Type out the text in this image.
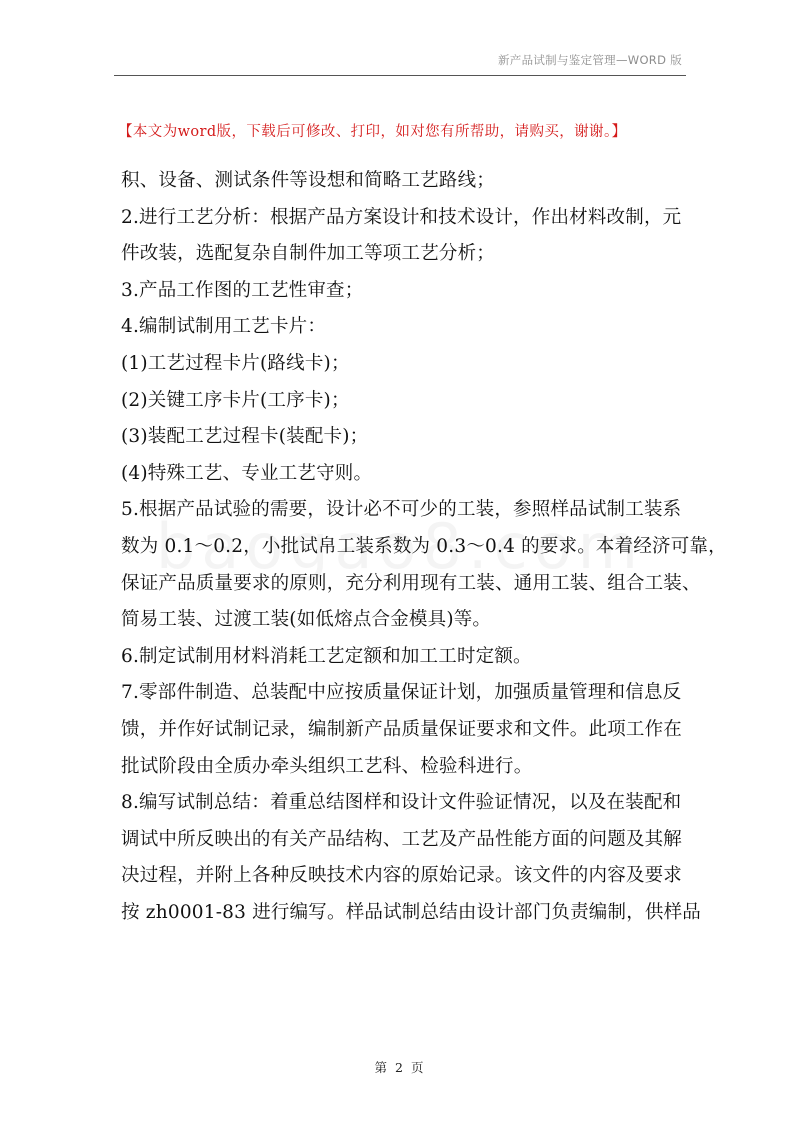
新产品试制与鉴定管理—WORD 版
【本文为word版，下载后可修改、打印，如对您有所帮助，请购买，谢谢。】

积、设备、测试条件等设想和简略工艺路线；

2.进行工艺分析：根据产品方案设计和技术设计，作出材料改制，元

件改装，选配复杂自制件加工等项工艺分析；

3.产品工作图的工艺性审查；

4.编制试制用工艺卡片：

(1)工艺过程卡片(路线卡)；

(2)关键工序卡片(工序卡)；

(3)装配工艺过程卡(装配卡)；

(4)特殊工艺、专业工艺守则。

5.根据产品试验的需要，设计必不可少的工装，参照样品试制工装系

数为 0.1～0.2，小批试帛工装系数为 0.3～0.4 的要求。本着经济可靠，

保证产品质量要求的原则，充分利用现有工装、通用工装、组合工装、

简易工装、过渡工装(如低熔点合金模具)等。

6.制定试制用材料消耗工艺定额和加工工时定额。

7.零部件制造、总装配中应按质量保证计划，加强质量管理和信息反

馈，并作好试制记录，编制新产品质量保证要求和文件。此项工作在

批试阶段由全质办牵头组织工艺科、检验科进行。

8.编写试制总结：着重总结图样和设计文件验证情况，以及在装配和

调试中所反映出的有关产品结构、工艺及产品性能方面的问题及其解

决过程，并附上各种反映技术内容的原始记录。该文件的内容及要求

按 zh0001-83 进行编写。样品试制总结由设计部门负责编制，供样品

第 2 页
